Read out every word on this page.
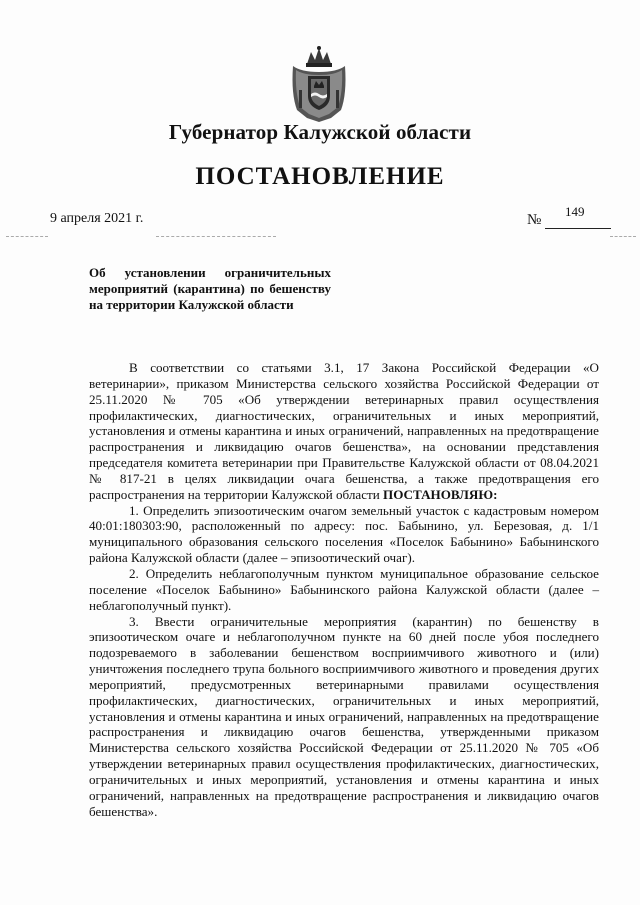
Губернатор Калужской области
ПОСТАНОВЛЕНИЕ
9 апреля 2021 г.	№
149
Об установлении ограничительных мероприятий (карантина) по бешенству на территории Калужской области

В соответствии со статьями 3.1, 17 Закона Российской Федерации «О ветеринарии», приказом Министерства сельского хозяйства Российской Федерации от 25.11.2020 № 705 «Об утверждении ветеринарных правил осуществления профилактических, диагностических, ограничительных и иных мероприятий, установления и отмены карантина и иных ограничений, направленных на предотвращение распространения и ликвидацию очагов бешенства», на основании представления председателя комитета ветеринарии при Правительстве Калужской области от 08.04.2021 № 817-21 в целях ликвидации очага бешенства, а также предотвращения его распространения на территории Калужской области ПОСТАНОВЛЯЮ:

1. Определить эпизоотическим очагом земельный участок с кадастровым номером 40:01:180303:90, расположенный по адресу: пос. Бабынино, ул. Березовая, д. 1/1 муниципального образования сельского поселения «Поселок Бабынино» Бабынинского района Калужской области (далее – эпизоотический очаг).

2. Определить неблагополучным пунктом муниципальное образование сельское поселение «Поселок Бабынино» Бабынинского района Калужской области (далее – неблагополучный пункт).

3. Ввести ограничительные мероприятия (карантин) по бешенству в эпизоотическом очаге и неблагополучном пункте на 60 дней после убоя последнего подозреваемого в заболевании бешенством восприимчивого животного и (или) уничтожения последнего трупа больного восприимчивого животного и проведения других мероприятий, предусмотренных ветеринарными правилами осуществления профилактических, диагностических, ограничительных и иных мероприятий, установления и отмены карантина и иных ограничений, направленных на предотвращение распространения и ликвидацию очагов бешенства, утвержденными приказом Министерства сельского хозяйства Российской Федерации от 25.11.2020 № 705 «Об утверждении ветеринарных правил осуществления профилактических, диагностических, ограничительных и иных мероприятий, установления и отмены карантина и иных ограничений, направленных на предотвращение распространения и ликвидацию очагов бешенства».
